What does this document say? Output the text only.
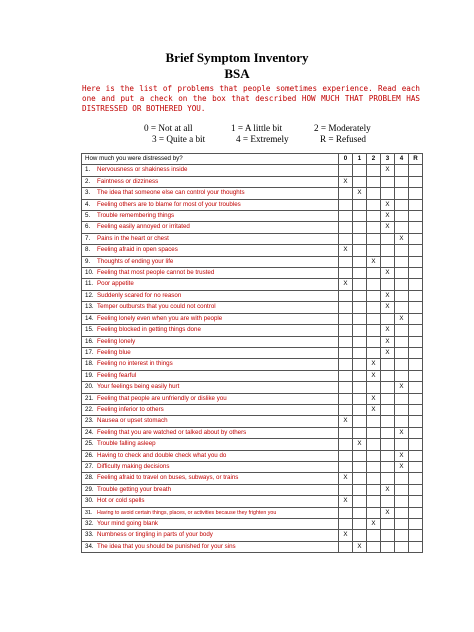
Brief Symptom Inventory
BSA
Here is the list of problems that people sometimes experience. Read each one and put a check on the box that described HOW MUCH THAT PROBLEM HAS DISTRESSED OR BOTHERED YOU.
0 = Not at all	1 = A little bit	2 = Moderately
3 = Quite a bit	4 = Extremely	R = Refused
How much you were distressed by?	0	1	2	3	4	R
1. Nervousness or shakiness inside				X		
2. Faintness or dizziness	X					
3. The idea that someone else can control your thoughts		X				
4. Feeling others are to blame for most of your troubles				X		
5. Trouble remembering things				X		
6. Feeling easily annoyed or irritated				X		
7. Pains in the heart or chest					X	
8. Feeling afraid in open spaces	X					
9. Thoughts of ending your life			X			
10. Feeling that most people cannot be trusted				X		
11. Poor appetite	X					
12. Suddenly scared for no reason				X		
13. Temper outbursts that you could not control				X		
14. Feeling lonely even when you are with people					X	
15. Feeling blocked in getting things done				X		
16. Feeling lonely				X		
17. Feeling blue				X		
18. Feeling no interest in things			X			
19. Feeling fearful			X			
20. Your feelings being easily hurt					X	
21. Feeling that people are unfriendly or dislike you			X			
22. Feeling inferior to others			X			
23. Nausea or upset stomach	X					
24. Feeling that you are watched or talked about by others					X	
25. Trouble falling asleep		X				
26. Having to check and double check what you do					X	
27. Difficulty making decisions					X	
28. Feeling afraid to travel on buses, subways, or trains	X					
29. Trouble getting your breath				X		
30. Hot or cold spells	X					
31. Having to avoid certain things, places, or activities because they frighten you				X		
32. Your mind going blank			X			
33. Numbness or tingling in parts of your body	X					
34. The idea that you should be punished for your sins		X				
